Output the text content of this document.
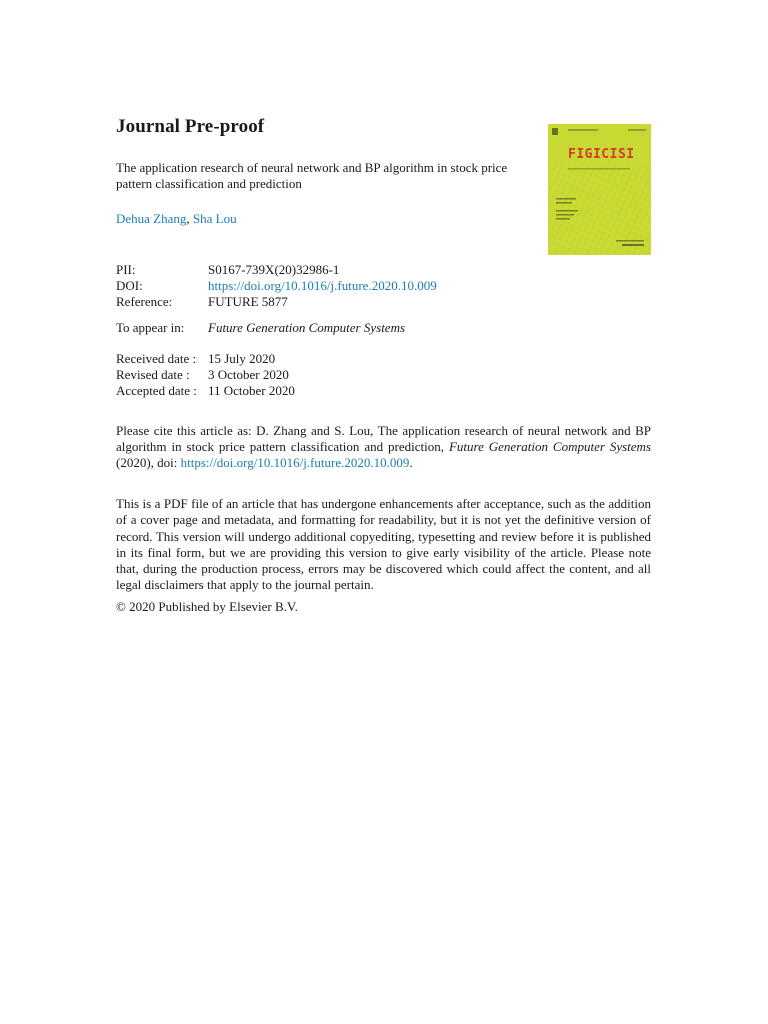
Journal Pre-proof
The application research of neural network and BP algorithm in stock price pattern classification and prediction
Dehua Zhang, Sha Lou
FIGICISI
PII:	S0167-739X(20)32986-1
DOI:	https://doi.org/10.1016/j.future.2020.10.009
Reference:	FUTURE 5877
To appear in:	Future Generation Computer Systems
Received date : 15 July 2020
Revised date :	3 October 2020
Accepted date : 11 October 2020
Please cite this article as: D. Zhang and S. Lou, The application research of neural network and BP algorithm in stock price pattern classification and prediction, Future Generation Computer Systems (2020), doi: https://doi.org/10.1016/j.future.2020.10.009.
This is a PDF file of an article that has undergone enhancements after acceptance, such as the addition of a cover page and metadata, and formatting for readability, but it is not yet the definitive version of record. This version will undergo additional copyediting, typesetting and review before it is published in its final form, but we are providing this version to give early visibility of the article. Please note that, during the production process, errors may be discovered which could affect the content, and all legal disclaimers that apply to the journal pertain.
© 2020 Published by Elsevier B.V.
